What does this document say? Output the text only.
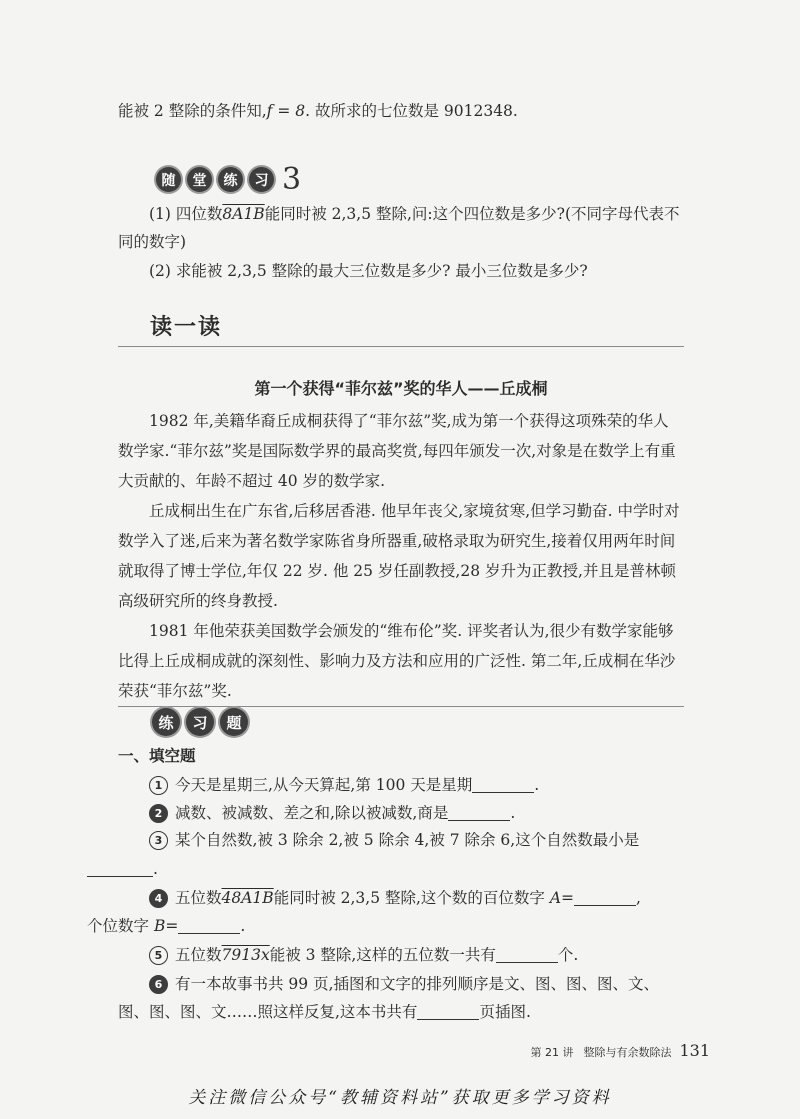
能被 2 整除的条件知,f = 8. 故所求的七位数是 9012348.

随	堂	练	习 3

(1) 四位数8A1B能同时被 2,3,5 整除,问:这个四位数是多少?(不同字母代表不同的数字)

(2) 求能被 2,3,5 整除的最大三位数是多少? 最小三位数是多少?

读一读
第一个获得“菲尔兹”奖的华人——丘成桐

1982 年,美籍华裔丘成桐获得了“菲尔兹”奖,成为第一个获得这项殊荣的华人数学家.“菲尔兹”奖是国际数学界的最高奖赏,每四年颁发一次,对象是在数学上有重大贡献的、年龄不超过 40 岁的数学家.

丘成桐出生在广东省,后移居香港. 他早年丧父,家境贫寒,但学习勤奋. 中学时对数学入了迷,后来为著名数学家陈省身所器重,破格录取为研究生,接着仅用两年时间就取得了博士学位,年仅 22 岁. 他 25 岁任副教授,28 岁升为正教授,并且是普林顿高级研究所的终身教授.

1981 年他荣获美国数学会颁发的“维布伦”奖. 评奖者认为,很少有数学家能够比得上丘成桐成就的深刻性、影响力及方法和应用的广泛性. 第二年,丘成桐在华沙荣获“菲尔兹”奖.

练	习	题
一、填空题

1 今天是星期三,从今天算起,第 100 天是星期	.

2 减数、被减数、差之和,除以被减数,商是	.

3 某个自然数,被 3 除余 2,被 5 除余 4,被 7 除余 6,这个自然数最小是
.

4 五位数48A1B能同时被 2,3,5 整除,这个数的百位数字 A=	,
个位数字 B=	.

5 五位数7913x能被 3 整除,这样的五位数一共有	个.

6 有一本故事书共 99 页,插图和文字的排列顺序是文、图、图、图、文、图、图、图、文……照这样反复,这本书共有	页插图.
第 21 讲 整除与有余数除法 131
关注微信公众号“教辅资料站”获取更多学习资料
